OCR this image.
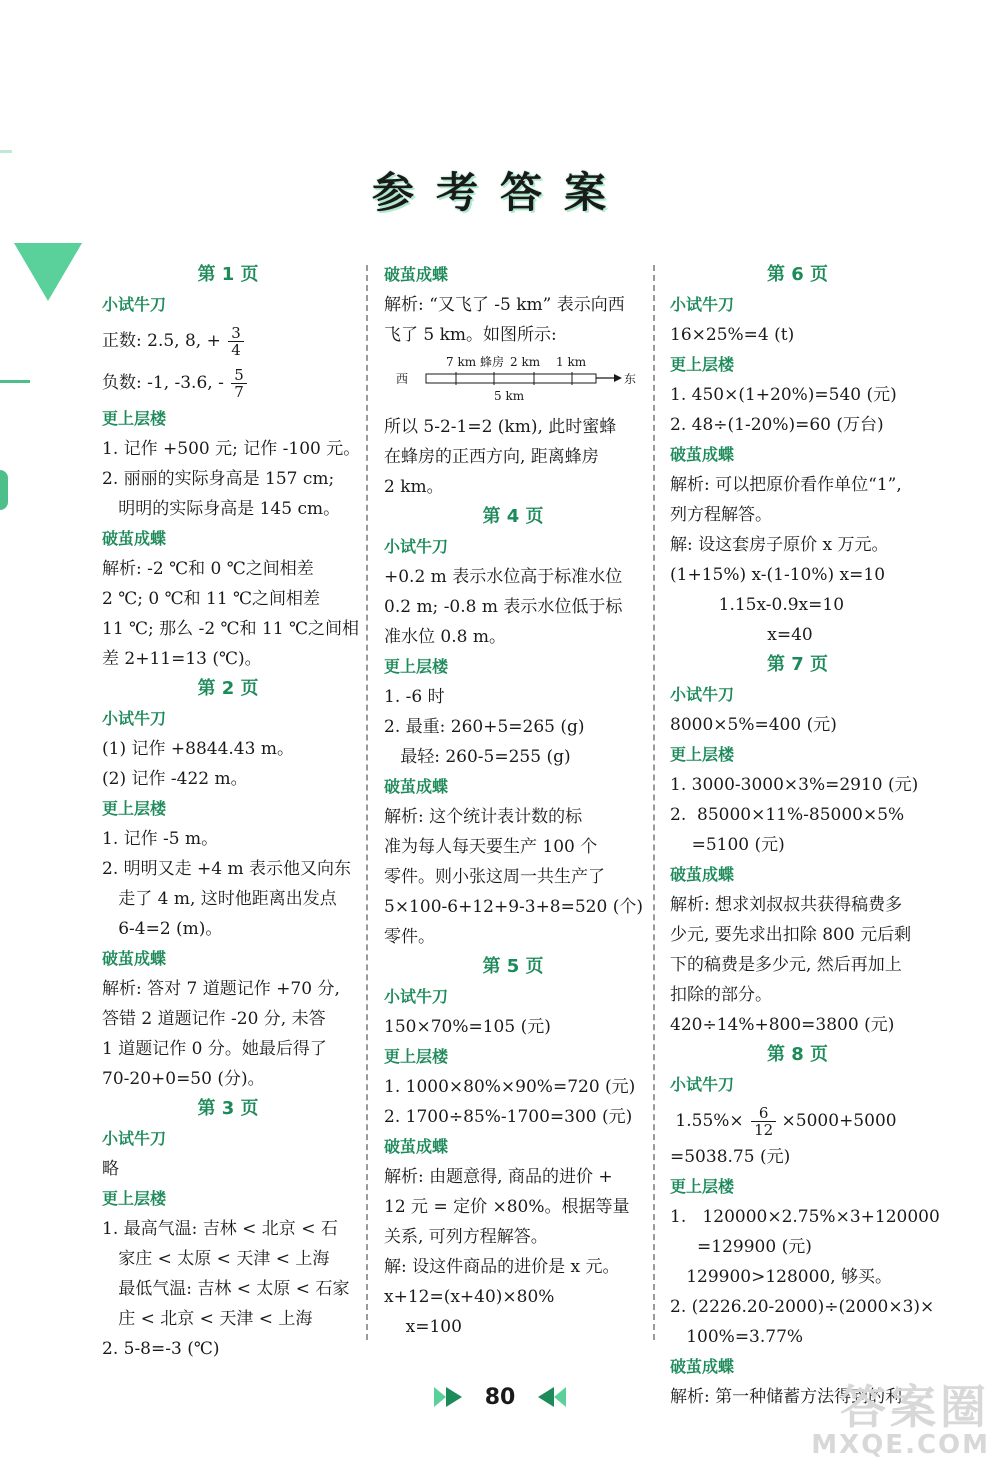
参考答案
第 1 页
小试牛刀
正数: 2.5, 8, + $\frac{3}{4}$
负数: -1, -3.6, - $\frac{5}{7}$
更上层楼
1. 记作 +500 元; 记作 -100 元。
2. 丽丽的实际身高是 157 cm;
明明的实际身高是 145 cm。
破茧成蝶
解析: -2 ℃和 0 ℃之间相差
2 ℃; 0 ℃和 11 ℃之间相差
11 ℃; 那么 -2 ℃和 11 ℃之间相
差 2+11=13 (℃)。
第 2 页
小试牛刀
(1) 记作 +8844.43 m。
(2) 记作 -422 m。
更上层楼
1. 记作 -5 m。
2. 明明又走 +4 m 表示他又向东
走了 4 m, 这时他距离出发点
6-4=2 (m)。
破茧成蝶
解析: 答对 7 道题记作 +70 分,
答错 2 道题记作 -20 分, 未答
1 道题记作 0 分。她最后得了
70-20+0=50 (分)。
第 3 页
小试牛刀
略
更上层楼
1. 最高气温: 吉林 < 北京 < 石
家庄 < 太原 < 天津 < 上海
最低气温: 吉林 < 太原 < 石家
庄 < 北京 < 天津 < 上海
2. 5-8=-3 (℃)
破茧成蝶
解析: “又飞了 -5 km” 表示向西
飞了 5 km。如图所示:
西	东
7 km 蜂房 2 km 1 km
5 km
所以 5-2-1=2 (km), 此时蜜蜂
在蜂房的正西方向, 距离蜂房
2 km。
第 4 页
小试牛刀
+0.2 m 表示水位高于标准水位
0.2 m; -0.8 m 表示水位低于标
准水位 0.8 m。
更上层楼
1. -6 时
2. 最重: 260+5=265 (g)
最轻: 260-5=255 (g)
破茧成蝶
解析: 这个统计表计数的标
准为每人每天要生产 100 个
零件。则小张这周一共生产了
5×100-6+12+9-3+8=520 (个)
零件。
第 5 页
小试牛刀
150×70%=105 (元)
更上层楼
1. 1000×80%×90%=720 (元)
2. 1700÷85%-1700=300 (元)
破茧成蝶
解析: 由题意得, 商品的进价 +
12 元 = 定价 ×80%。根据等量
关系, 可列方程解答。
解: 设这件商品的进价是 x 元。
x+12=(x+40)×80%
x=100
第 6 页
小试牛刀
16×25%=4 (t)
更上层楼
1. 450×(1+20%)=540 (元)
2. 48÷(1-20%)=60 (万台)
破茧成蝶
解析: 可以把原价看作单位“1”,
列方程解答。
解: 设这套房子原价 x 万元。
(1+15%) x-(1-10%) x=10
1.15x-0.9x=10
x=40
第 7 页
小试牛刀
8000×5%=400 (元)
更上层楼
1. 3000-3000×3%=2910 (元)
2.  85000×11%-85000×5%
=5100 (元)
破茧成蝶
解析: 想求刘叔叔共获得稿费多
少元, 要先求出扣除 800 元后剩
下的稿费是多少元, 然后再加上
扣除的部分。
420÷14%+800=3800 (元)
第 8 页
小试牛刀
$1.55\%\times \frac{6}{12} \times 5000+5000$
=5038.75 (元)
更上层楼
1.   120000×2.75%×3+120000
=129900 (元)
129900>128000, 够买。
2. (2226.20-2000)÷(2000×3)×
100%=3.77%
破茧成蝶
解析: 第一种储蓄方法得到的利
80	答案圈
MXQE.COM
